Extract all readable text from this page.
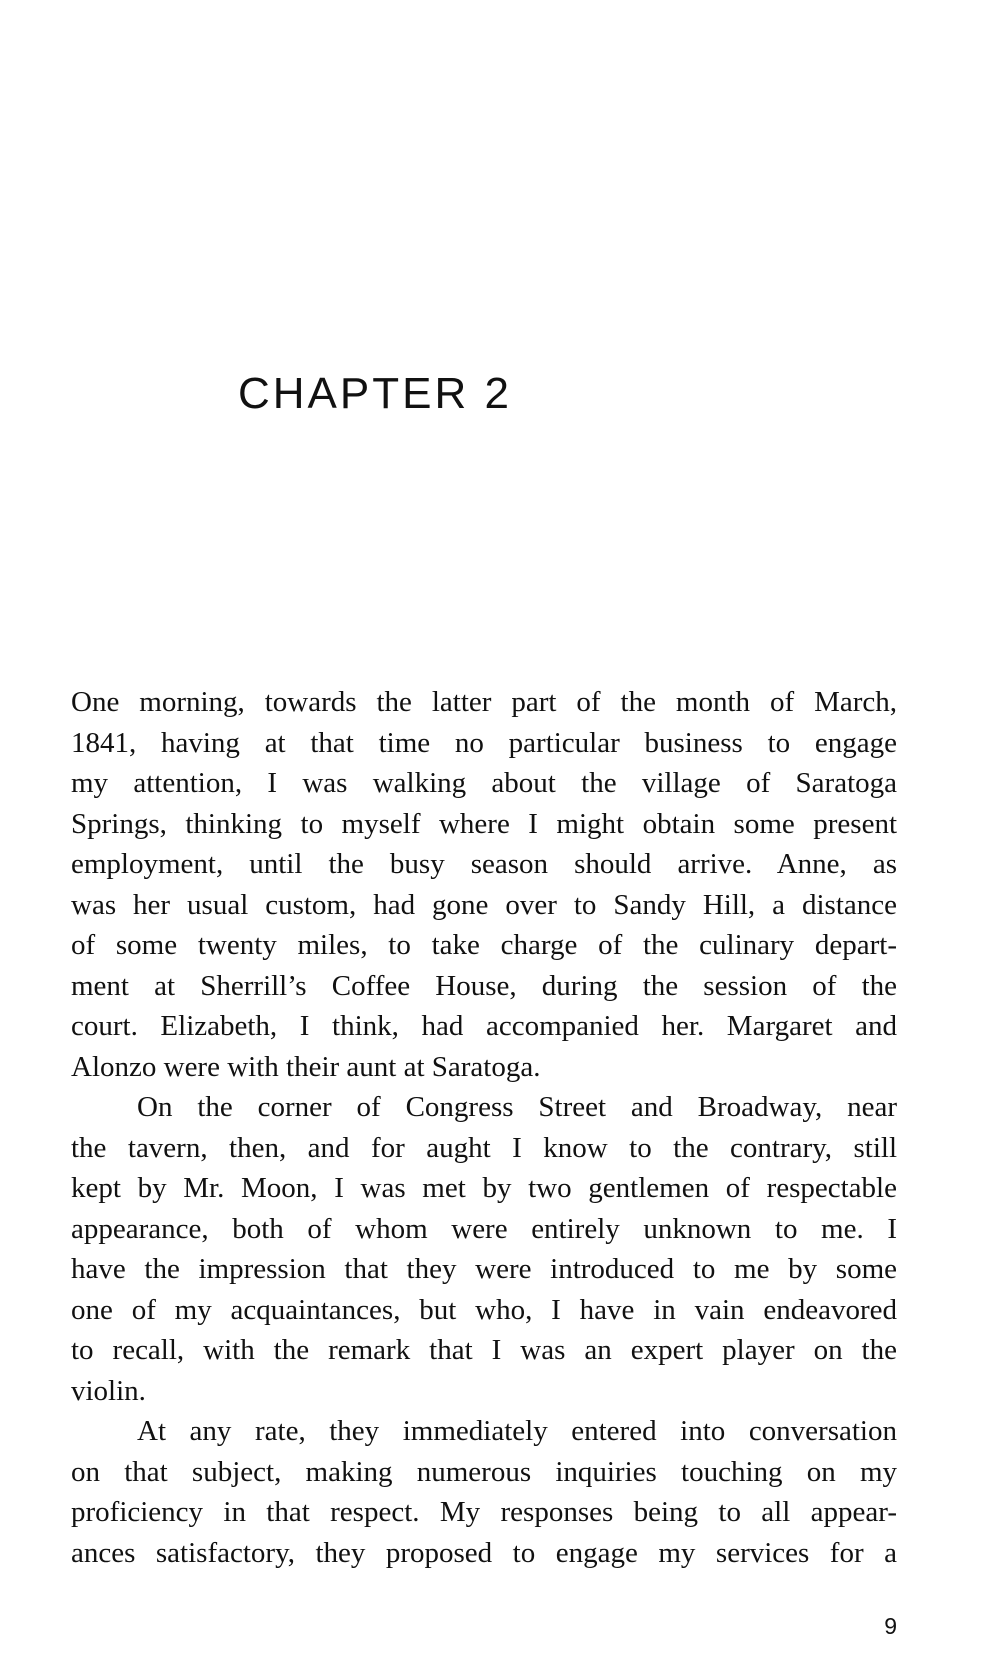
CHAPTER 2
One morning, towards the latter part of the month of March,
1841, having at that time no particular business to engage
my attention, I was walking about the village of Saratoga
Springs, thinking to myself where I might obtain some present
employment, until the busy season should arrive. Anne, as
was her usual custom, had gone over to Sandy Hill, a distance
of some twenty miles, to take charge of the culinary depart-
ment at Sherrill’s Coffee House, during the session of the
court. Elizabeth, I think, had accompanied her. Margaret and
Alonzo were with their aunt at Saratoga.
On the corner of Congress Street and Broadway, near
the tavern, then, and for aught I know to the contrary, still
kept by Mr. Moon, I was met by two gentlemen of respectable
appearance, both of whom were entirely unknown to me. I
have the impression that they were introduced to me by some
one of my acquaintances, but who, I have in vain endeavored
to recall, with the remark that I was an expert player on the
violin.
At any rate, they immediately entered into conversation
on that subject, making numerous inquiries touching on my
proficiency in that respect. My responses being to all appear-
ances satisfactory, they proposed to engage my services for a
9
